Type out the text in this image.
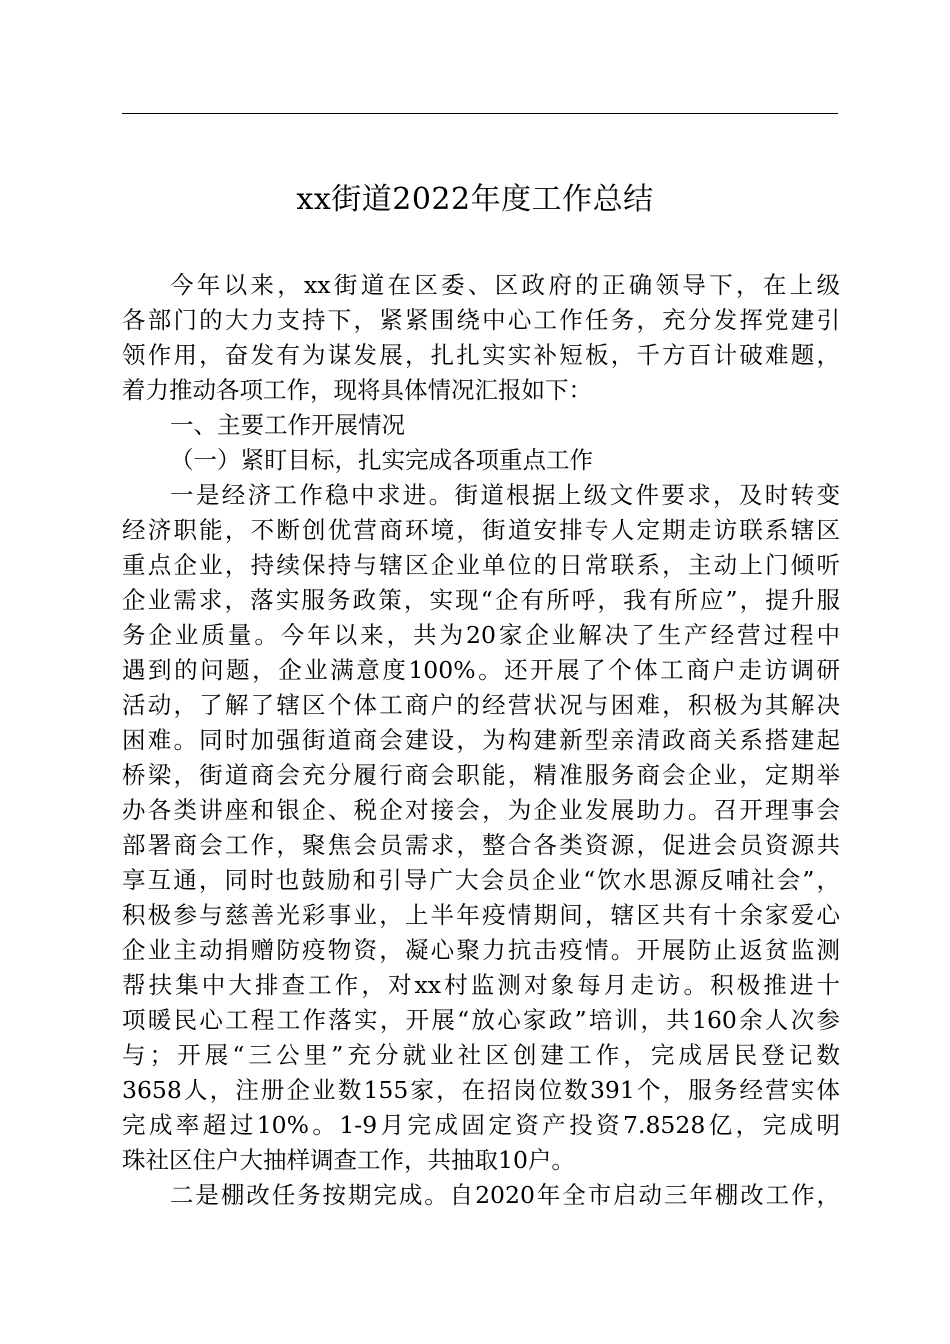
xx街道2022年度工作总结
今年以来，xx街道在区委、区政府的正确领导下，在上级
各部门的大力支持下，紧紧围绕中心工作任务，充分发挥党建引
领作用，奋发有为谋发展，扎扎实实补短板，千方百计破难题，
着力推动各项工作，现将具体情况汇报如下：
一、主要工作开展情况
（一）紧盯目标，扎实完成各项重点工作
一是经济工作稳中求进。街道根据上级文件要求，及时转变
经济职能，不断创优营商环境，街道安排专人定期走访联系辖区
重点企业，持续保持与辖区企业单位的日常联系，主动上门倾听
企业需求，落实服务政策，实现“企有所呼，我有所应”，提升服
务企业质量。今年以来，共为20家企业解决了生产经营过程中
遇到的问题，企业满意度100%。还开展了个体工商户走访调研
活动，了解了辖区个体工商户的经营状况与困难，积极为其解决
困难。同时加强街道商会建设，为构建新型亲清政商关系搭建起
桥梁，街道商会充分履行商会职能，精准服务商会企业，定期举
办各类讲座和银企、税企对接会，为企业发展助力。召开理事会
部署商会工作，聚焦会员需求，整合各类资源，促进会员资源共
享互通，同时也鼓励和引导广大会员企业“饮水思源反哺社会”，
积极参与慈善光彩事业，上半年疫情期间，辖区共有十余家爱心
企业主动捐赠防疫物资，凝心聚力抗击疫情。开展防止返贫监测
帮扶集中大排查工作，对xx村监测对象每月走访。积极推进十
项暖民心工程工作落实，开展“放心家政”培训，共160余人次参
与；开展“三公里”充分就业社区创建工作，完成居民登记数
3658人，注册企业数155家，在招岗位数391个，服务经营实体
完成率超过10%。1-9月完成固定资产投资7.8528亿，完成明
珠社区住户大抽样调查工作，共抽取10户。
二是棚改任务按期完成。自2020年全市启动三年棚改工作，
